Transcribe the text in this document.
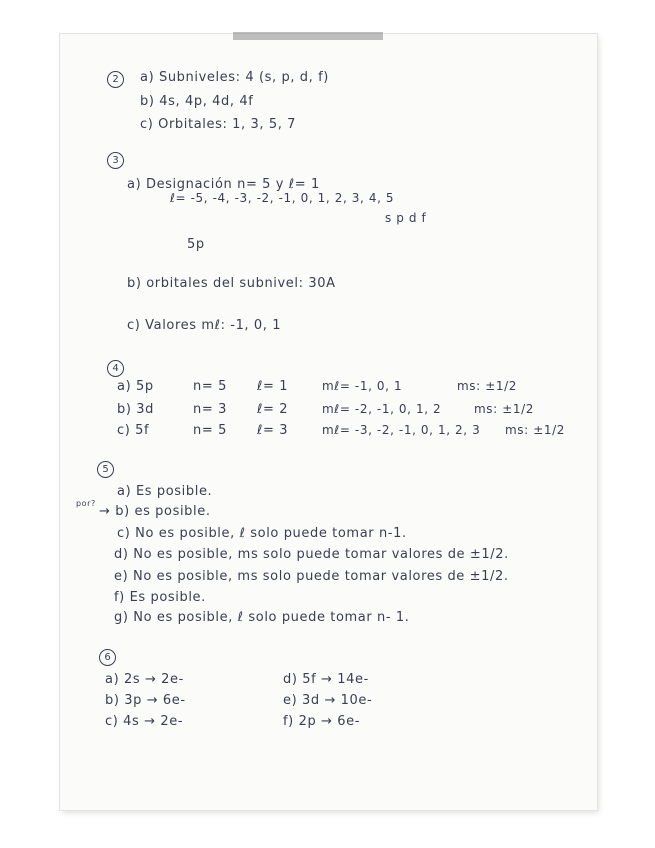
2	a) Subniveles: 4 (s, p, d, f)
b) 4s, 4p, 4d, 4f
c) Orbitales: 1, 3, 5, 7
3
a) Designación n= 5 y ℓ= 1
ℓ= -5, -4, -3, -2, -1, 0, 1, 2, 3, 4, 5
s p d f
5p
b) orbitales del subnivel: 30A
c) Valores mℓ: -1, 0, 1
4
a) 5p	n= 5 ℓ= 1	mℓ= -1, 0, 1	ms: ±1/2
b) 3d	n= 3 ℓ= 2	mℓ= -2, -1, 0, 1, 2	ms: ±1/2
c) 5f	n= 5 ℓ= 3	mℓ= -3, -2, -1, 0, 1, 2, 3 ms: ±1/2
5
por?
a) Es posible.
→ b) es posible.
c) No es posible, ℓ solo puede tomar n-1.
d) No es posible, ms solo puede tomar valores de ±1/2.
e) No es posible, ms solo puede tomar valores de ±1/2.
f) Es posible.
g) No es posible, ℓ solo puede tomar n- 1.
6
a) 2s → 2e-
b) 3p → 6e-
c) 4s → 2e-
d) 5f → 14e-
e) 3d → 10e-
f) 2p → 6e-
